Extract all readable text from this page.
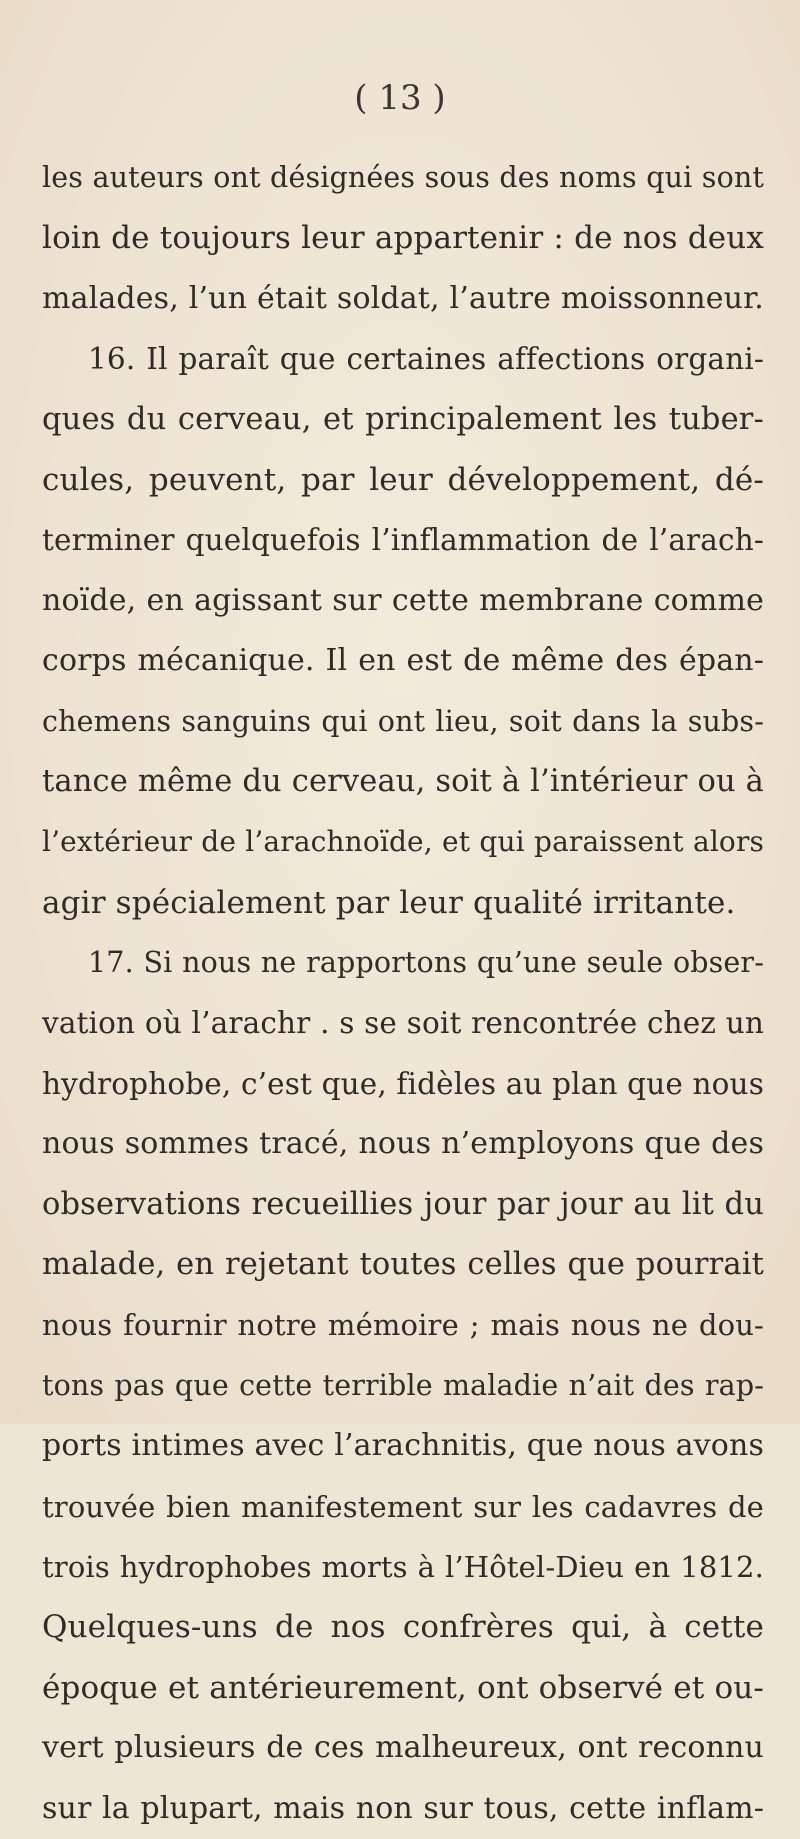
( 13 )
les auteurs ont désignées sous des noms qui sont
loin de toujours leur appartenir : de nos deux
malades, l’un était soldat, l’autre moissonneur.
16. Il paraît que certaines affections organi-
ques du cerveau, et principalement les tuber-
cules, peuvent, par leur développement, dé-
terminer quelquefois l’inflammation de l’arach-
noïde, en agissant sur cette membrane comme
corps mécanique. Il en est de même des épan-
chemens sanguins qui ont lieu, soit dans la subs-
tance même du cerveau, soit à l’intérieur ou à
l’extérieur de l’arachnoïde, et qui paraissent alors
agir spécialement par leur qualité irritante.
17. Si nous ne rapportons qu’une seule obser-
vation où l’arachr . s se soit rencontrée chez un
hydrophobe, c’est que, fidèles au plan que nous
nous sommes tracé, nous n’employons que des
observations recueillies jour par jour au lit du
malade, en rejetant toutes celles que pourrait
nous fournir notre mémoire ; mais nous ne dou-
tons pas que cette terrible maladie n’ait des rap-
ports intimes avec l’arachnitis, que nous avons
trouvée bien manifestement sur les cadavres de
trois hydrophobes morts à l’Hôtel-Dieu en 1812.
Quelques-uns de nos confrères qui, à cette
époque et antérieurement, ont observé et ou-
vert plusieurs de ces malheureux, ont reconnu
sur la plupart, mais non sur tous, cette inflam-
